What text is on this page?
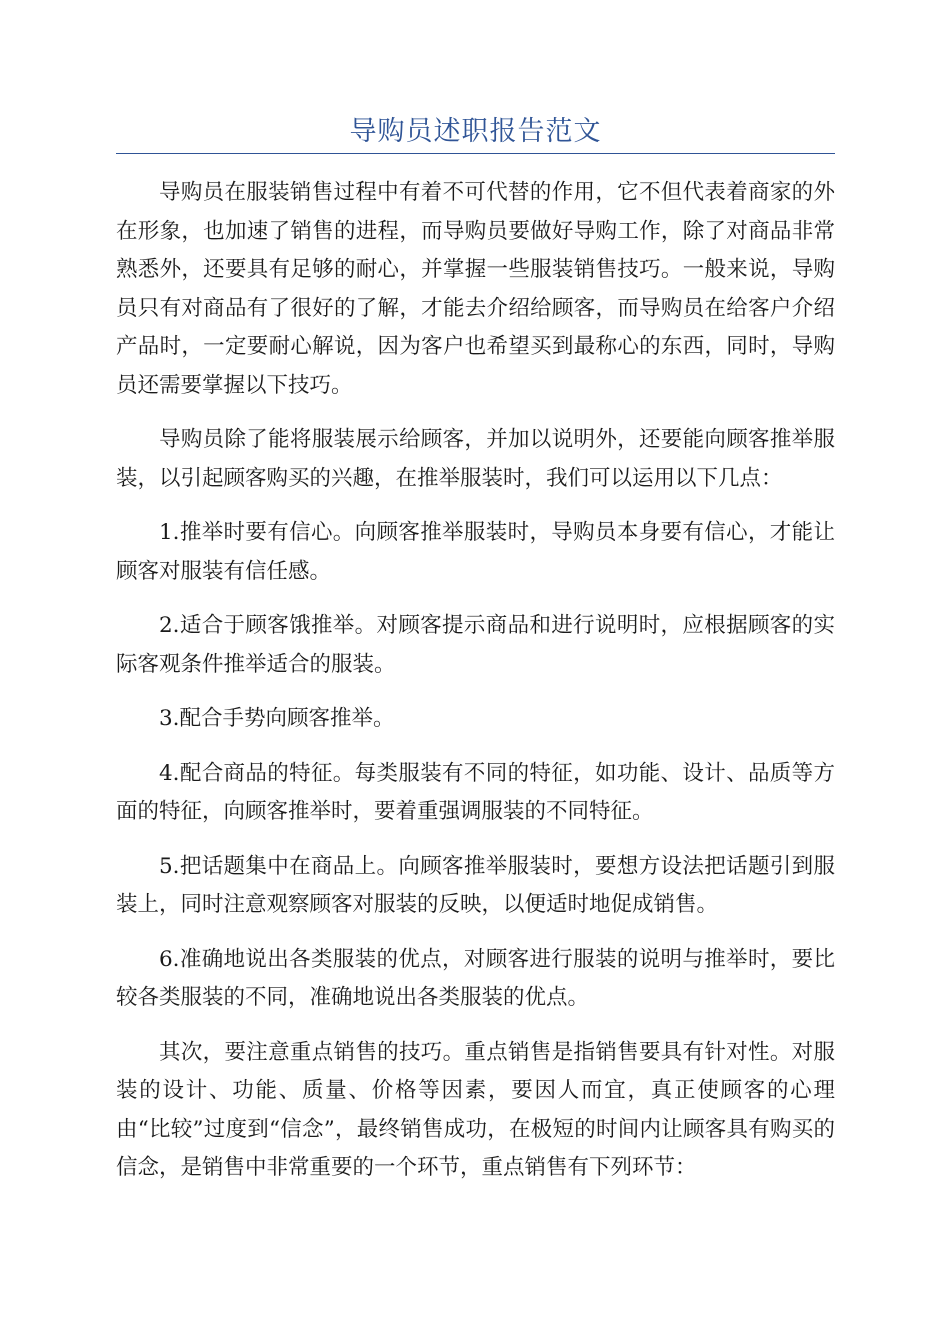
导购员述职报告范文

导购员在服装销售过程中有着不可代替的作用，它不但代表着商家的外在形象，也加速了销售的进程，而导购员要做好导购工作，除了对商品非常熟悉外，还要具有足够的耐心，并掌握一些服装销售技巧。一般来说，导购员只有对商品有了很好的了解，才能去介绍给顾客，而导购员在给客户介绍产品时，一定要耐心解说，因为客户也希望买到最称心的东西，同时，导购员还需要掌握以下技巧。

导购员除了能将服装展示给顾客，并加以说明外，还要能向顾客推举服装，以引起顾客购买的兴趣，在推举服装时，我们可以运用以下几点：

1.推举时要有信心。向顾客推举服装时，导购员本身要有信心，才能让顾客对服装有信任感。

2.适合于顾客饿推举。对顾客提示商品和进行说明时，应根据顾客的实际客观条件推举适合的服装。

3.配合手势向顾客推举。

4.配合商品的特征。每类服装有不同的特征，如功能、设计、品质等方面的特征，向顾客推举时，要着重强调服装的不同特征。

5.把话题集中在商品上。向顾客推举服装时，要想方设法把话题引到服装上，同时注意观察顾客对服装的反映，以便适时地促成销售。

6.准确地说出各类服装的优点，对顾客进行服装的说明与推举时，要比较各类服装的不同，准确地说出各类服装的优点。

其次，要注意重点销售的技巧。重点销售是指销售要具有针对性。对服装的设计、功能、质量、价格等因素，要因人而宜，真正使顾客的心理由“比较”过度到“信念”，最终销售成功，在极短的时间内让顾客具有购买的信念，是销售中非常重要的一个环节，重点销售有下列环节：
